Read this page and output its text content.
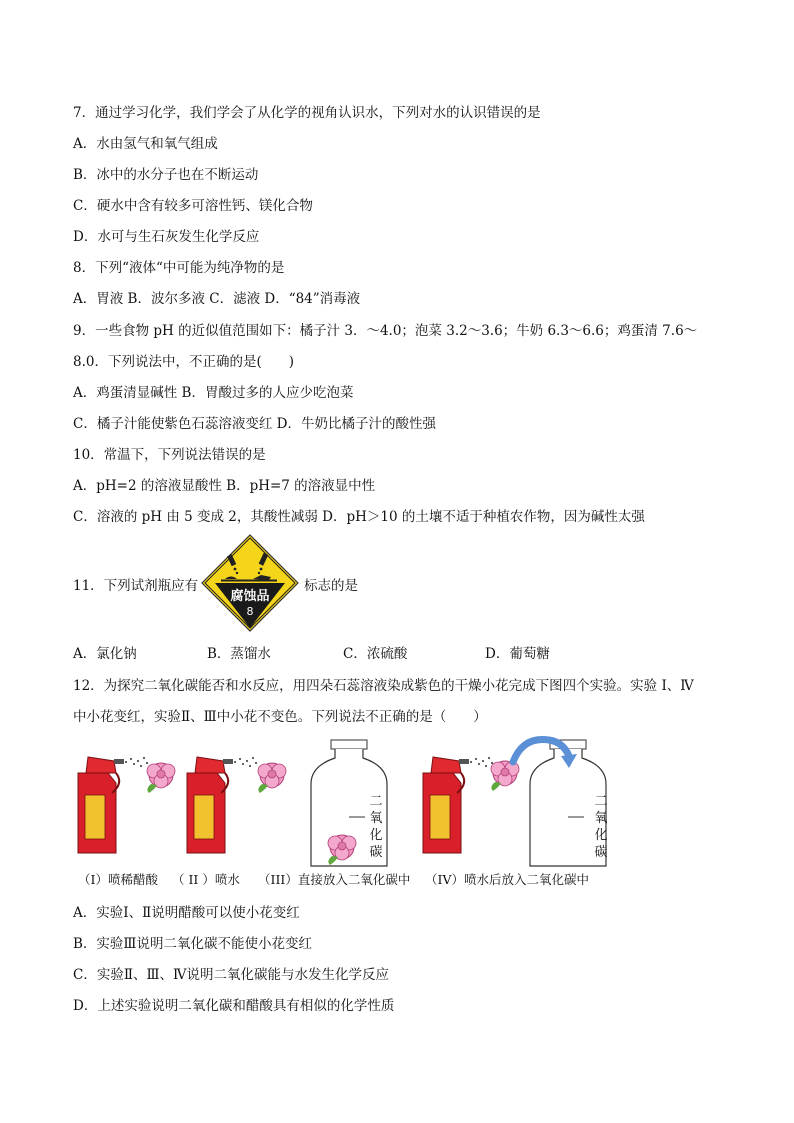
7．通过学习化学，我们学会了从化学的视角认识水，下列对水的认识错误的是
A．水由氢气和氧气组成
B．冰中的水分子也在不断运动
C．硬水中含有较多可溶性钙、镁化合物
D．水可与生石灰发生化学反应
8．下列“液体“中可能为纯净物的是
A．胃液 B．波尔多液 C．滤液 D．“84”消毒液
9．一些食物 pH 的近似值范围如下：橘子汁 3．～4.0；泡菜 3.2～3.6；牛奶 6.3～6.6；鸡蛋清 7.6～
8.0．下列说法中，不正确的是(　　)
A．鸡蛋清显碱性 B．胃酸过多的人应少吃泡菜
C．橘子汁能使紫色石蕊溶液变红 D．牛奶比橘子汁的酸性强
10．常温下，下列说法错误的是
A．pH=2 的溶液显酸性 B．pH=7 的溶液显中性
C．溶液的 pH 由 5 变成 2，其酸性减弱 D．pH＞10 的土壤不适于种植农作物，因为碱性太强
11．下列试剂瓶应有	标志的是
腐蚀品
8
A．氯化钠	B．蒸馏水	C．浓硫酸	D．葡萄糖
12．为探究二氧化碳能否和水反应，用四朵石蕊溶液染成紫色的干燥小花完成下图四个实验。实验 I、Ⅳ
中小花变红，实验Ⅱ、Ⅲ中小花不变色。下列说法不正确的是（　　）
二氧化碳
二氧化碳
（I）喷稀醋酸 （ II ）喷水 （III）直接放入二氧化碳中 （IV）喷水后放入二氧化碳中
A．实验Ⅰ、Ⅱ说明醋酸可以使小花变红
B．实验Ⅲ说明二氧化碳不能使小花变红
C．实验Ⅱ、Ⅲ、Ⅳ说明二氧化碳能与水发生化学反应
D．上述实验说明二氧化碳和醋酸具有相似的化学性质
